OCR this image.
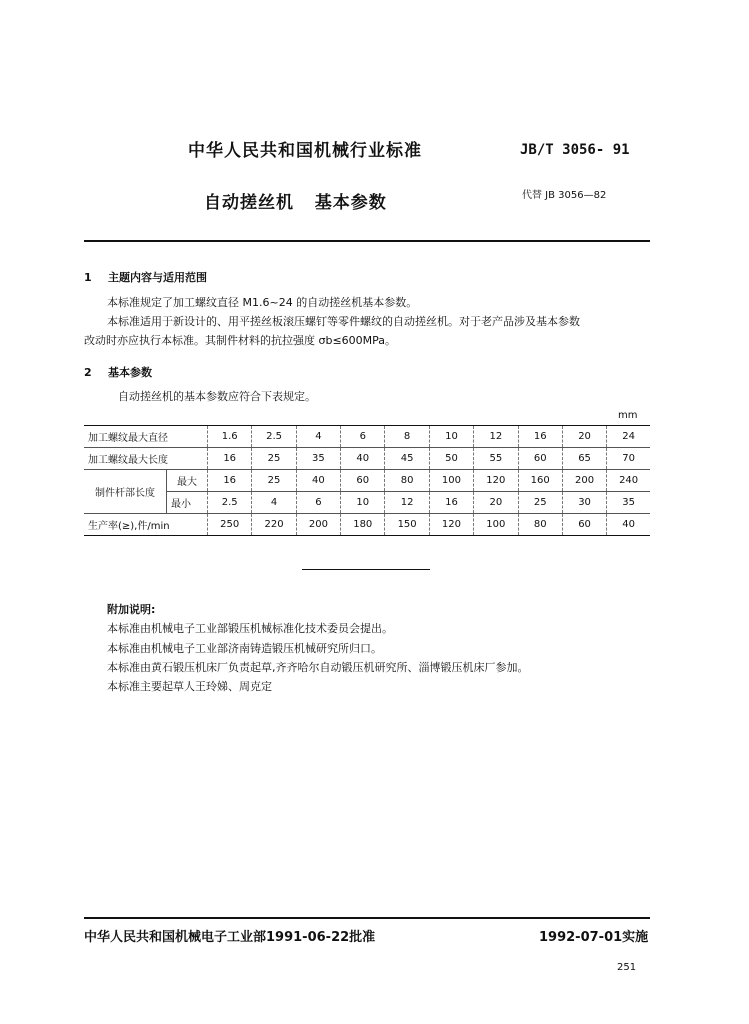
中华人民共和国机械行业标准	JB/T 3056- 91
自动搓丝机   基本参数	代替 JB 3056—82
1 主题内容与适用范围
本标准规定了加工螺纹直径 M1.6~24 的自动搓丝机基本参数。
本标准适用于新设计的、用平搓丝板滚压螺钉等零件螺纹的自动搓丝机。对于老产品涉及基本参数
改动时亦应执行本标准。其制件材料的抗拉强度 σb≤600MPa。
2 基本参数
自动搓丝机的基本参数应符合下表规定。
mm
加工螺纹最大直径		1.6	2.5	4	6	8	10	12	16	20	24
加工螺纹最大长度		16	25	35	40	45	50	55	60	65	70
制件杆部长度	最大	16	25	40	60	80	100	120	160	200	240
	最小	2.5	4	6	10	12	16	20	25	30	35
生产率(≥),件/min		250	220	200	180	150	120	100	80	60	40
附加说明:
本标准由机械电子工业部锻压机械标准化技术委员会提出。
本标准由机械电子工业部济南铸造锻压机械研究所归口。
本标准由黄石锻压机床厂负责起草,齐齐哈尔自动锻压机研究所、淄博锻压机床厂参加。
本标准主要起草人王玲娣、周克定
中华人民共和国机械电子工业部1991-06-22批准	1992-07-01实施
251
